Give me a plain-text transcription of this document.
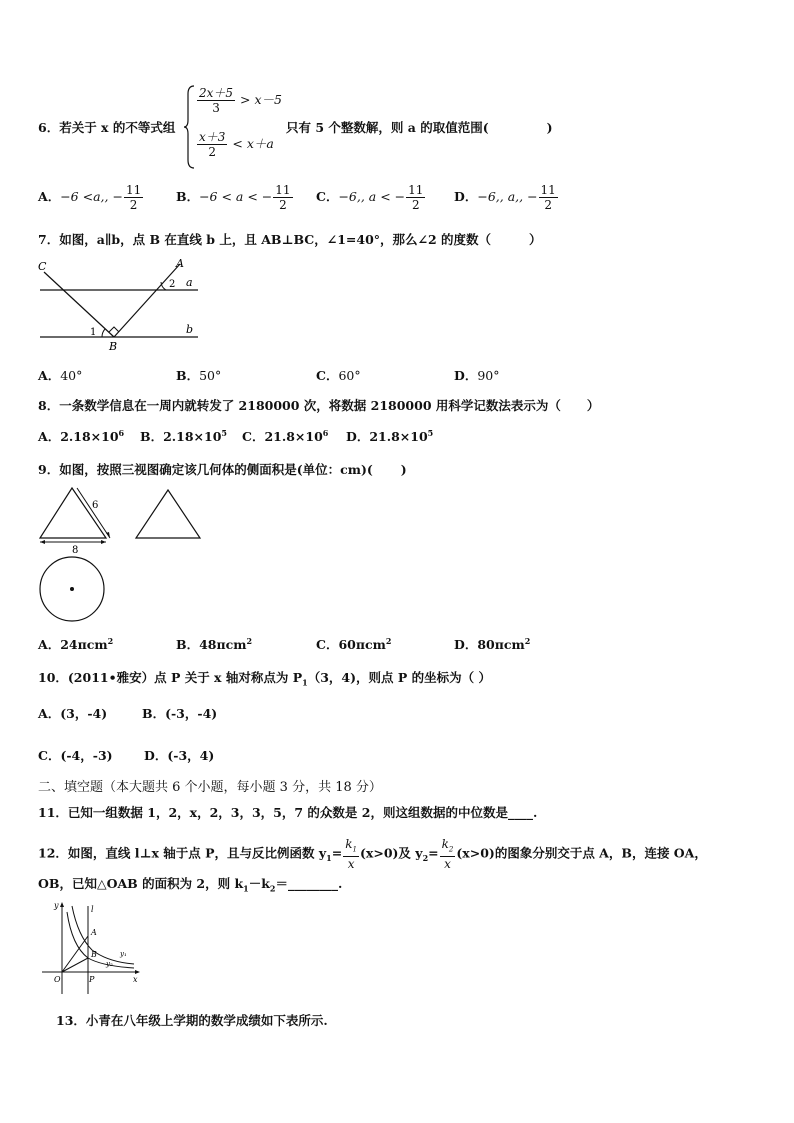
6．若关于 x 的不等式组
$\frac{2x+5}{3} > x-5$
$\frac{x+3}{2} < x+a$
只有 5 个整数解，则 a 的取值范围(	)
A．−6 <a,, − $\frac{11}{2}$	B．−6 < a < − $\frac{11}{2}$ C．−6,, a < − $\frac{11}{2}$ D．−6,, a,, − $\frac{11}{2}$
7．如图，a∥b，点 B 在直线 b 上，且 AB⊥BC，∠1=40°，那么∠2 的度数（	）
C	A
a
b
B
1
2
A．40°	B．50°	C．60°	D．90°
8．一条数学信息在一周内就转发了 2180000 次，将数据 2180000 用科学记数法表示为（ ）
A．$2.18\times 10^6$ B．$2.18\times 10^5$ C．$21.8\times 10^6$ D．$21.8\times 10^5$
9．如图，按照三视图确定该几何体的侧面积是(单位：cm)( )
6
8
A．24πcm$^2$	B．48πcm$^2$	C．60πcm$^2$	D．80πcm$^2$
10．(2011•雅安）点 P 关于 x 轴对称点为 $P_1(3$，4)，则点 P 的坐标为（ ）
A．(3，-4)	B．(-3，-4)
C．(-4，-3)	D．(-3，4)
二、填空题（本大题共 6 个小题，每小题 3 分，共 18 分）
11．已知一组数据 1，2，x，2，3，3，5，7 的众数是 2，则这组数据的中位数是____.
12．如图，直线 l⊥x 轴于点 P，且与反比例函数 $y_1= \frac{k_1}{x} (x>0)$及 $y_2= \frac{k_2}{x} (x>0)$的图象分别交于点 A，B，连接 OA，
OB，已知△OAB 的面积为 2，则 $k_1-k_2=\_\_\_\_\_\_\_\_$.
y	l
A
B	y₁
y₂
O	P	x
13．小青在八年级上学期的数学成绩如下表所示.
